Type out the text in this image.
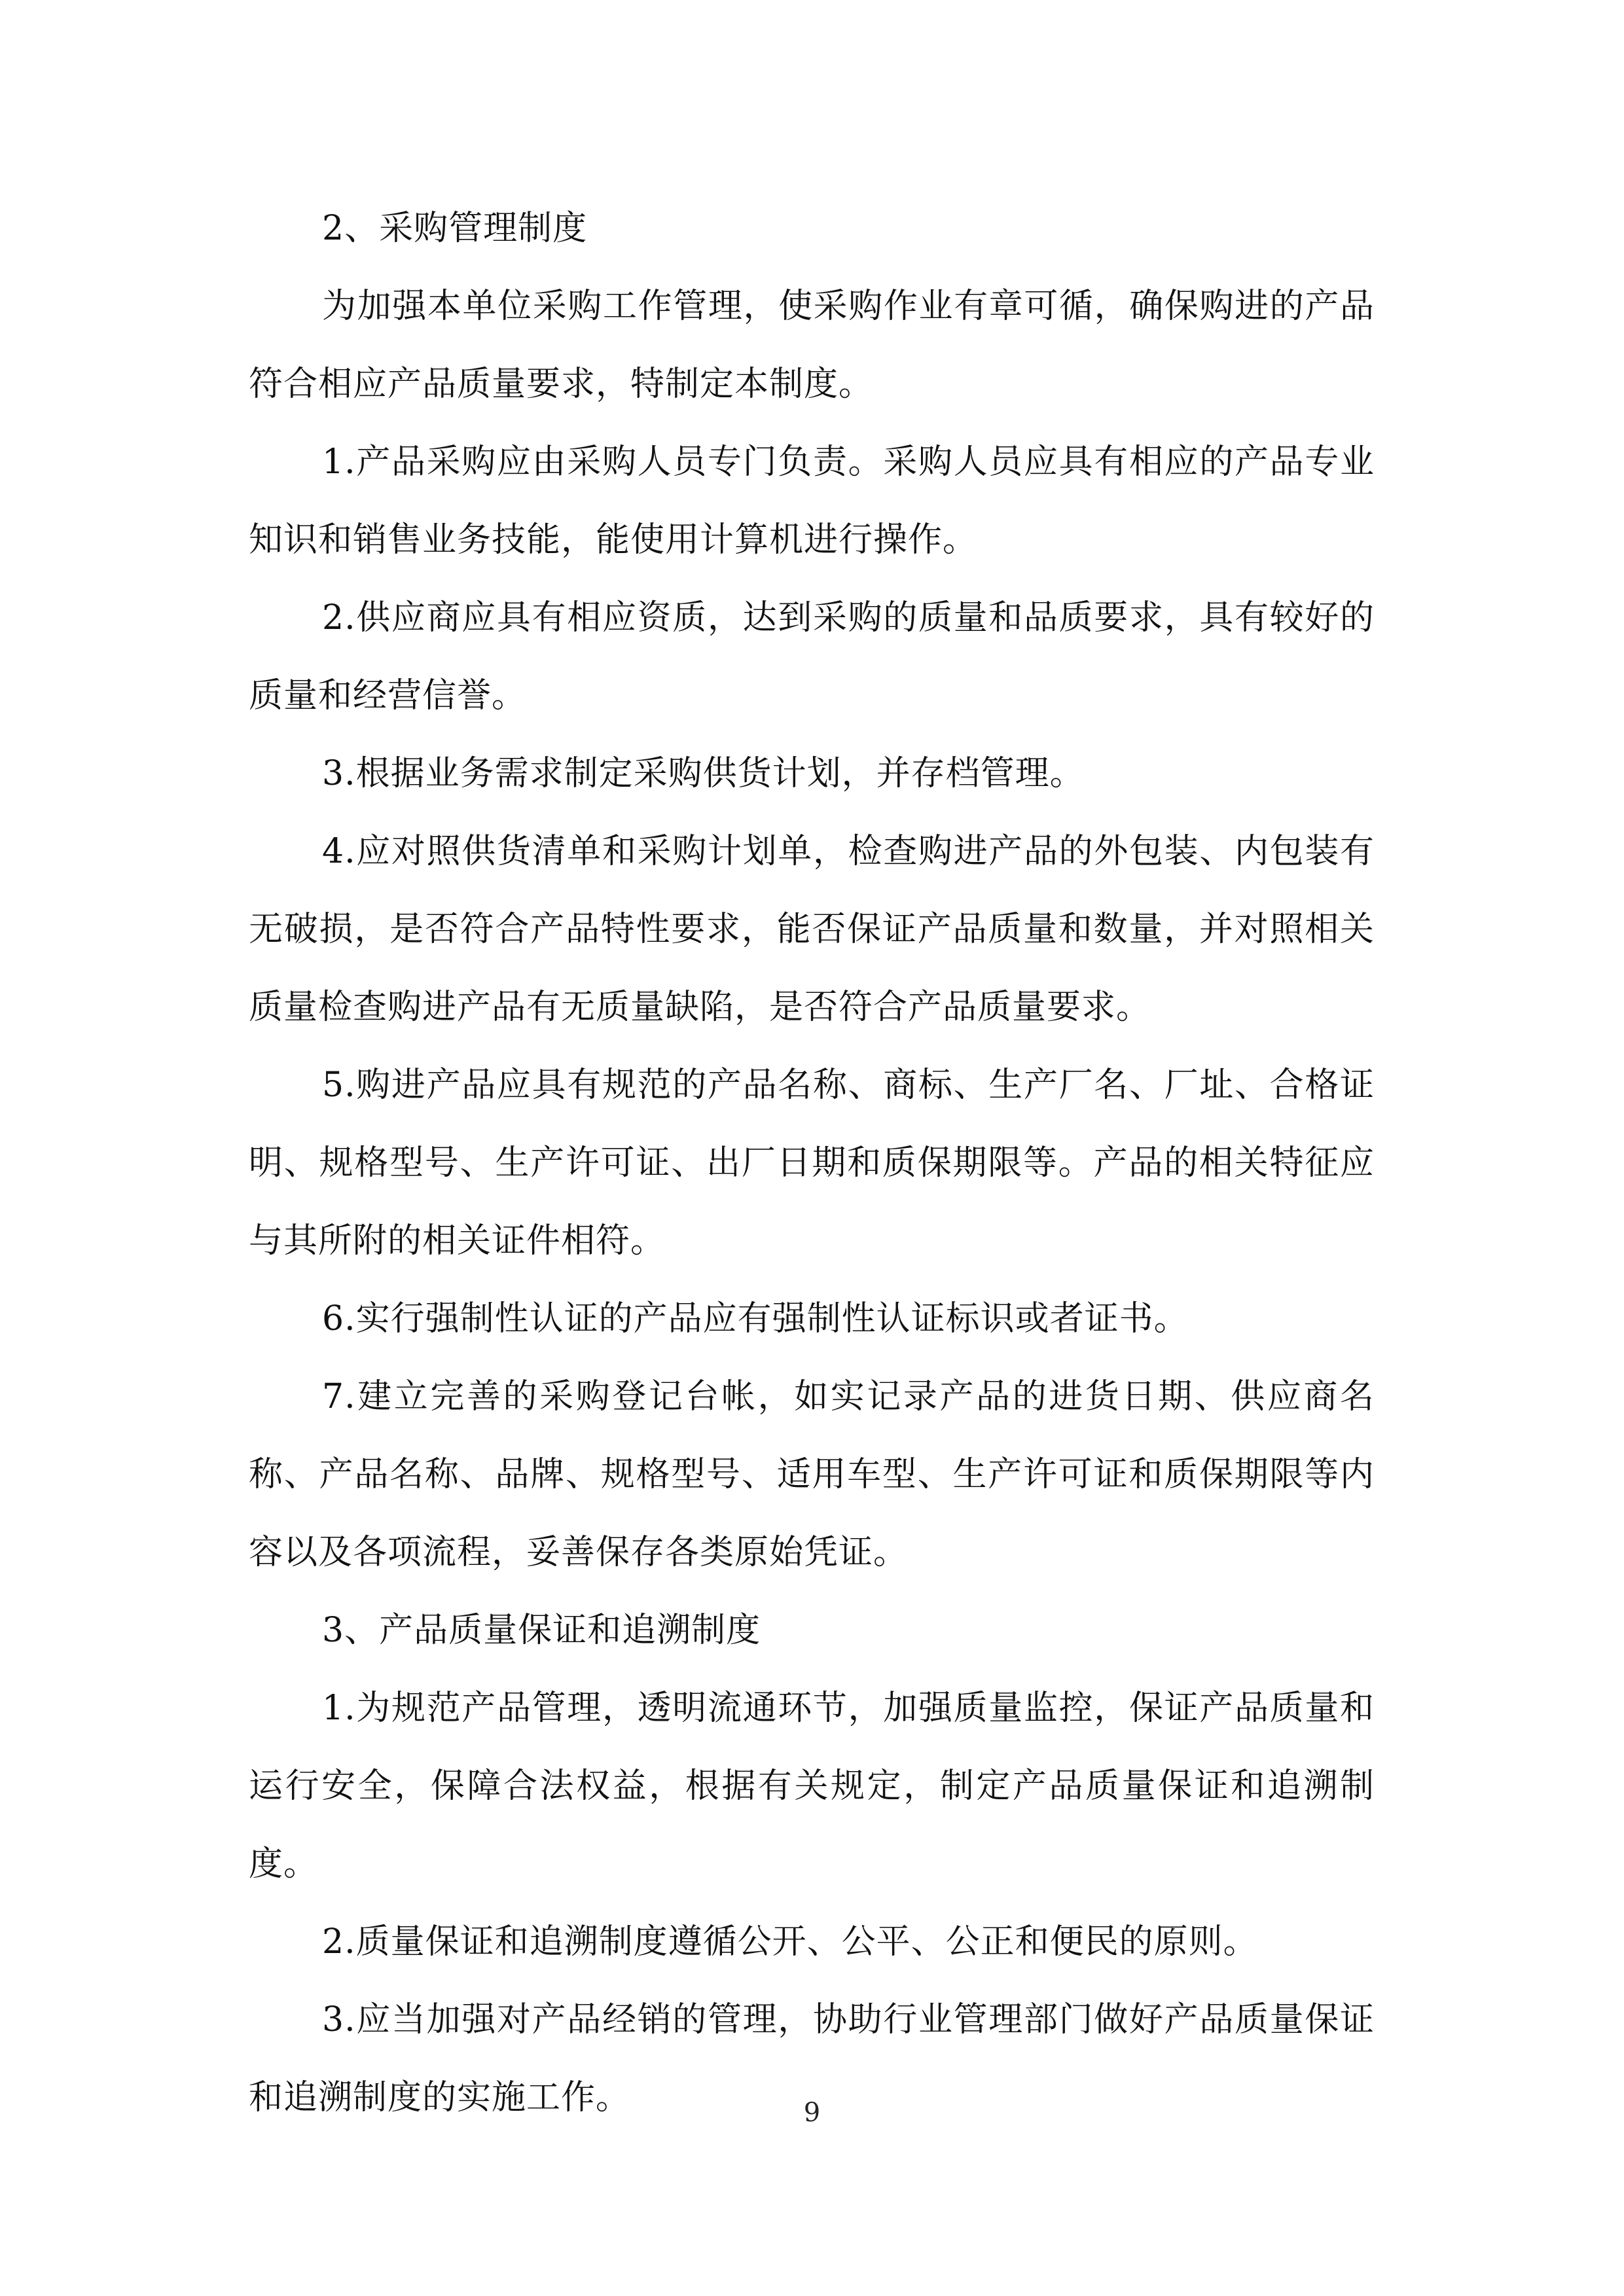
2、采购管理制度

为加强本单位采购工作管理，使采购作业有章可循，确保购进的产品符合相应产品质量要求，特制定本制度。

1.产品采购应由采购人员专门负责。采购人员应具有相应的产品专业知识和销售业务技能，能使用计算机进行操作。

2.供应商应具有相应资质，达到采购的质量和品质要求，具有较好的质量和经营信誉。

3.根据业务需求制定采购供货计划，并存档管理。

4.应对照供货清单和采购计划单，检查购进产品的外包装、内包装有无破损，是否符合产品特性要求，能否保证产品质量和数量，并对照相关质量检查购进产品有无质量缺陷，是否符合产品质量要求。

5.购进产品应具有规范的产品名称、商标、生产厂名、厂址、合格证明、规格型号、生产许可证、出厂日期和质保期限等。产品的相关特征应与其所附的相关证件相符。

6.实行强制性认证的产品应有强制性认证标识或者证书。

7.建立完善的采购登记台帐，如实记录产品的进货日期、供应商名称、产品名称、品牌、规格型号、适用车型、生产许可证和质保期限等内容以及各项流程，妥善保存各类原始凭证。

3、产品质量保证和追溯制度

1.为规范产品管理，透明流通环节，加强质量监控，保证产品质量和运行安全，保障合法权益，根据有关规定，制定产品质量保证和追溯制度。

2.质量保证和追溯制度遵循公开、公平、公正和便民的原则。

3.应当加强对产品经销的管理，协助行业管理部门做好产品质量保证和追溯制度的实施工作。	9
